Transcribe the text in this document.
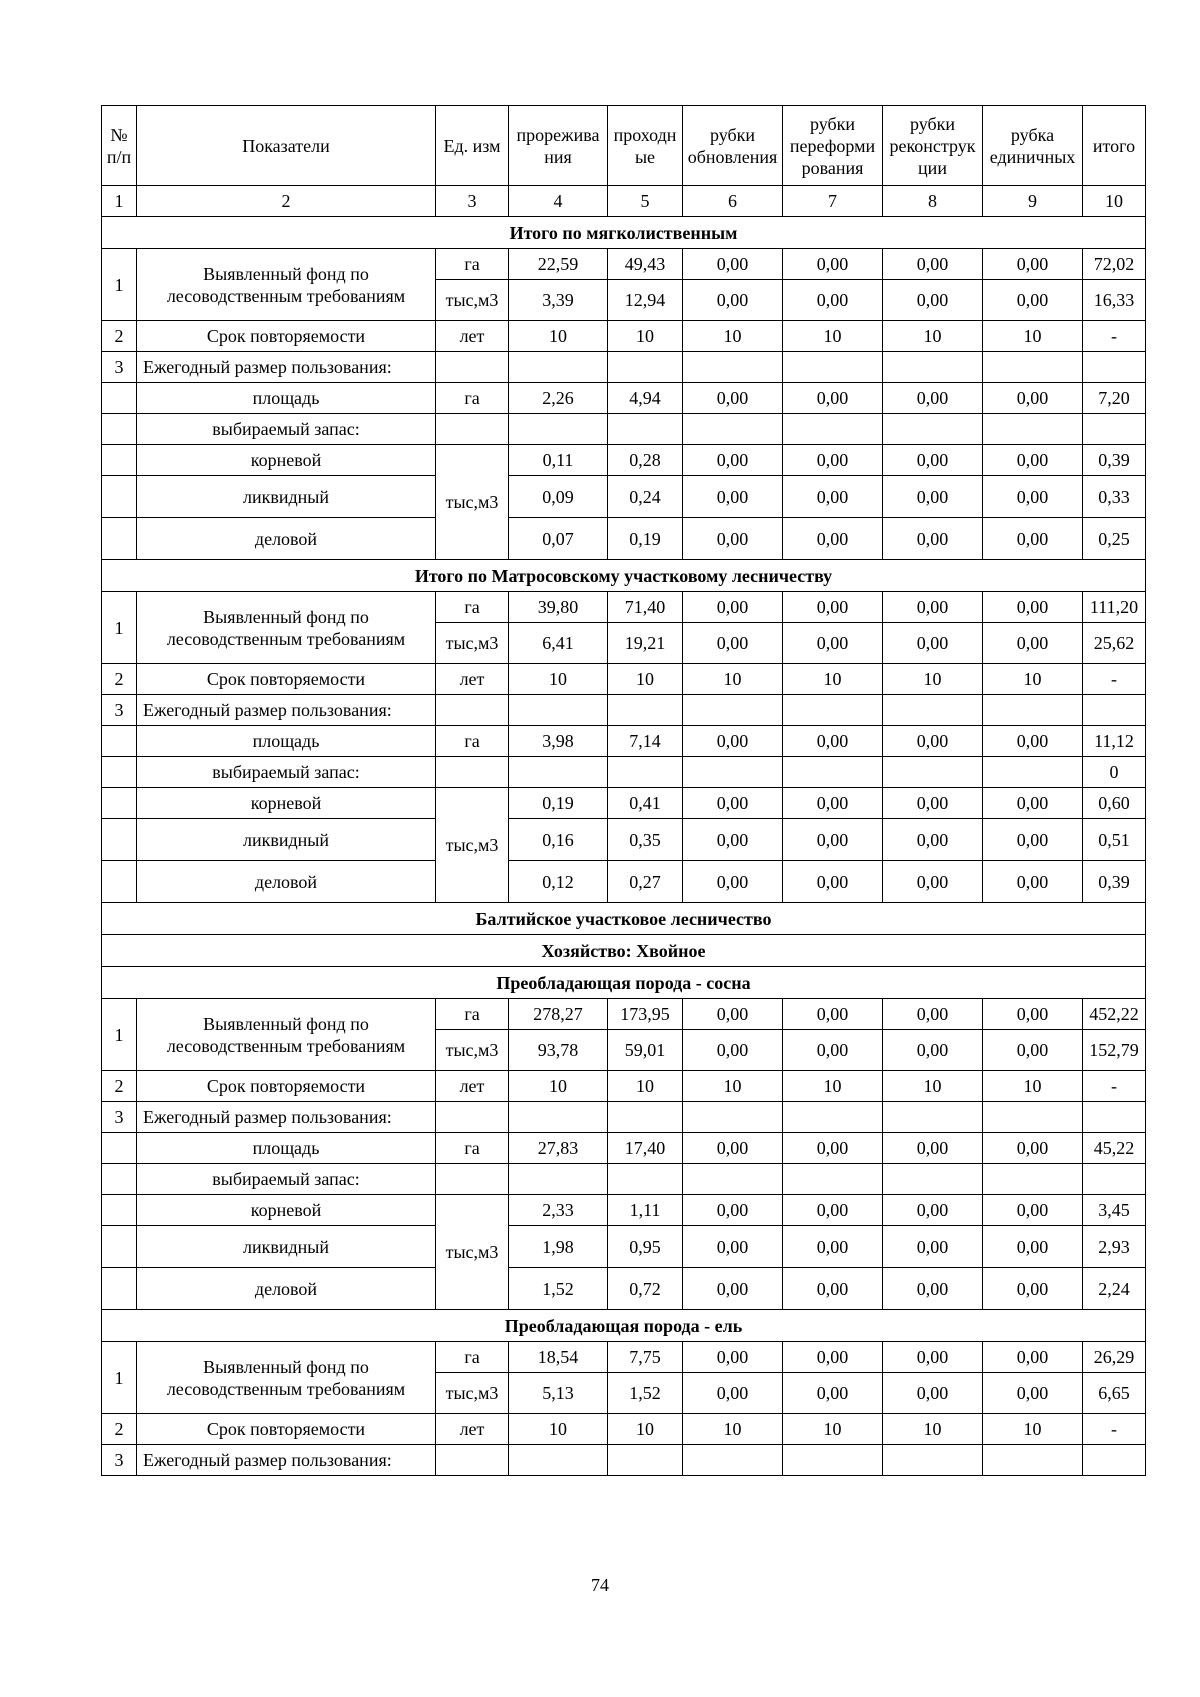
№ п/п	Показатели	Ед. изм	прорежива ния	проходн ые	рубки обновления	рубки переформи рования	рубки реконструк ции	рубка единичных	итого
1	2	3	4	5	6	7	8	9	10
Итого по мягколиственным									
1	Выявленный фонд по лесоводственным требованиям	га	22,59	49,43	0,00	0,00	0,00	0,00	72,02
		тыс,м3	3,39	12,94	0,00	0,00	0,00	0,00	16,33
2	Срок повторяемости	лет	10	10	10	10	10	10	-
3	Ежегодный размер пользования:								
	площадь	га	2,26	4,94	0,00	0,00	0,00	0,00	7,20
	выбираемый запас:								
	корневой	тыс,м3	0,11	0,28	0,00	0,00	0,00	0,00	0,39
	ликвидный		0,09	0,24	0,00	0,00	0,00	0,00	0,33
	деловой		0,07	0,19	0,00	0,00	0,00	0,00	0,25
Итого по Матросовскому участковому лесничеству									
1	Выявленный фонд по лесоводственным требованиям	га	39,80	71,40	0,00	0,00	0,00	0,00	111,20
		тыс,м3	6,41	19,21	0,00	0,00	0,00	0,00	25,62
2	Срок повторяемости	лет	10	10	10	10	10	10	-
3	Ежегодный размер пользования:								
	площадь	га	3,98	7,14	0,00	0,00	0,00	0,00	11,12
	выбираемый запас:								0
	корневой	тыс,м3	0,19	0,41	0,00	0,00	0,00	0,00	0,60
	ликвидный		0,16	0,35	0,00	0,00	0,00	0,00	0,51
	деловой		0,12	0,27	0,00	0,00	0,00	0,00	0,39
Балтийское участковое лесничество									
Хозяйство: Хвойное									
Преобладающая порода - сосна									
1	Выявленный фонд по лесоводственным требованиям	га	278,27	173,95	0,00	0,00	0,00	0,00	452,22
		тыс,м3	93,78	59,01	0,00	0,00	0,00	0,00	152,79
2	Срок повторяемости	лет	10	10	10	10	10	10	-
3	Ежегодный размер пользования:								
	площадь	га	27,83	17,40	0,00	0,00	0,00	0,00	45,22
	выбираемый запас:								
	корневой	тыс,м3	2,33	1,11	0,00	0,00	0,00	0,00	3,45
	ликвидный		1,98	0,95	0,00	0,00	0,00	0,00	2,93
	деловой		1,52	0,72	0,00	0,00	0,00	0,00	2,24
Преобладающая порода - ель									
1	Выявленный фонд по лесоводственным требованиям	га	18,54	7,75	0,00	0,00	0,00	0,00	26,29
		тыс,м3	5,13	1,52	0,00	0,00	0,00	0,00	6,65
2	Срок повторяемости	лет	10	10	10	10	10	10	-
3	Ежегодный размер пользования:								
74
